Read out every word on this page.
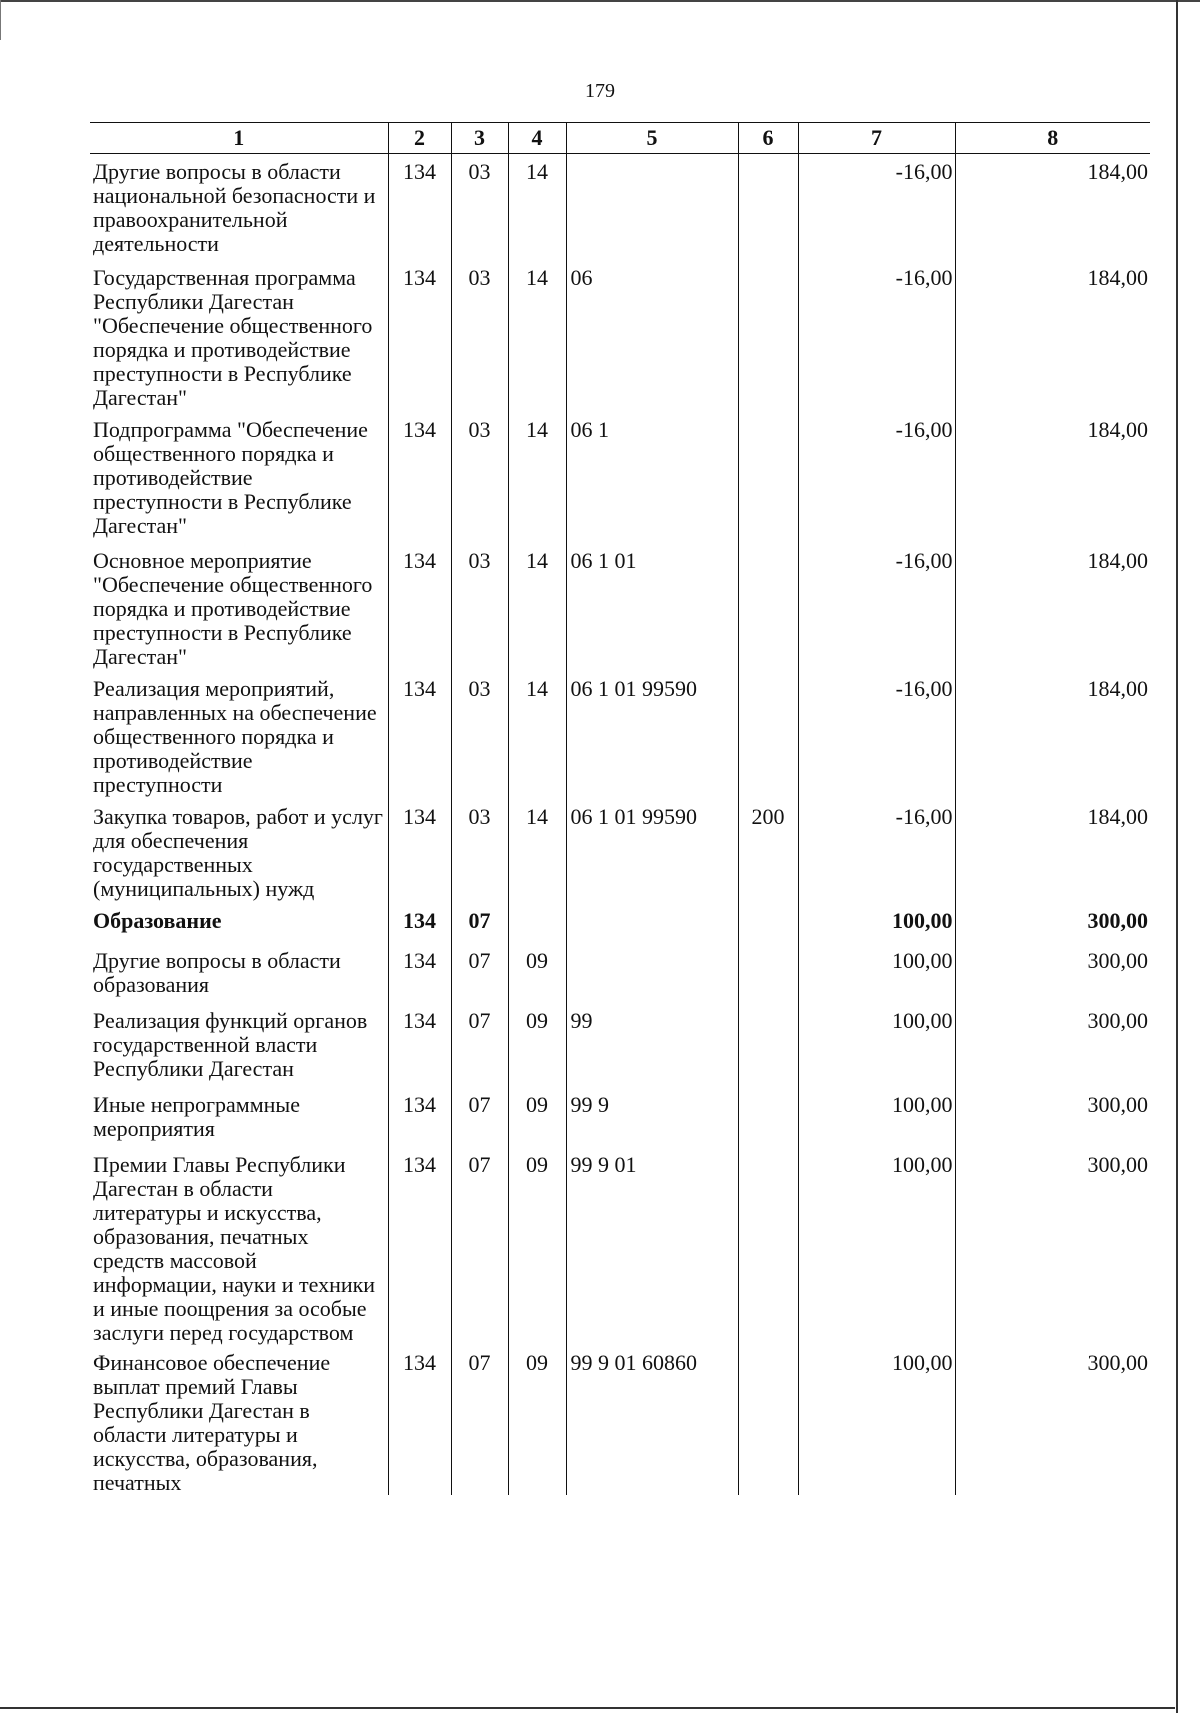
179
1	2	3	4	5	6	7	8

Другие вопросы в области национальной безопасности и правоохранительной деятельности	134	03	14			-16,00	184,00

Государственная программа Республики Дагестан "Обеспечение общественного порядка и противодействие преступности в Республике Дагестан"	134	03	14	06		-16,00	184,00

Подпрограмма "Обеспечение общественного порядка и противодействие преступности в Республике Дагестан"	134	03	14	06 1		-16,00	184,00

Основное мероприятие "Обеспечение общественного порядка и противодействие преступности в Республике Дагестан"	134	03	14	06 1 01		-16,00	184,00

Реализация мероприятий, направленных на обеспечение общественного порядка и противодействие преступности	134	03	14	06 1 01 99590		-16,00	184,00

Закупка товаров, работ и услуг для обеспечения государственных (муниципальных) нужд	134	03	14	06 1 01 99590	200	-16,00	184,00

Образование	134	07				100,00	300,00

Другие вопросы в области образования	134	07	09			100,00	300,00

Реализация функций органов государственной власти Республики Дагестан	134	07	09	99		100,00	300,00

Иные непрограммные мероприятия	134	07	09	99 9		100,00	300,00

Премии Главы Республики Дагестан в области литературы и искусства, образования, печатных средств массовой информации, науки и техники и иные поощрения за особые заслуги перед государством	134	07	09	99 9 01		100,00	300,00

Финансовое обеспечение выплат премий Главы Республики Дагестан в области литературы и искусства, образования, печатных	134	07	09	99 9 01 60860		100,00	300,00
